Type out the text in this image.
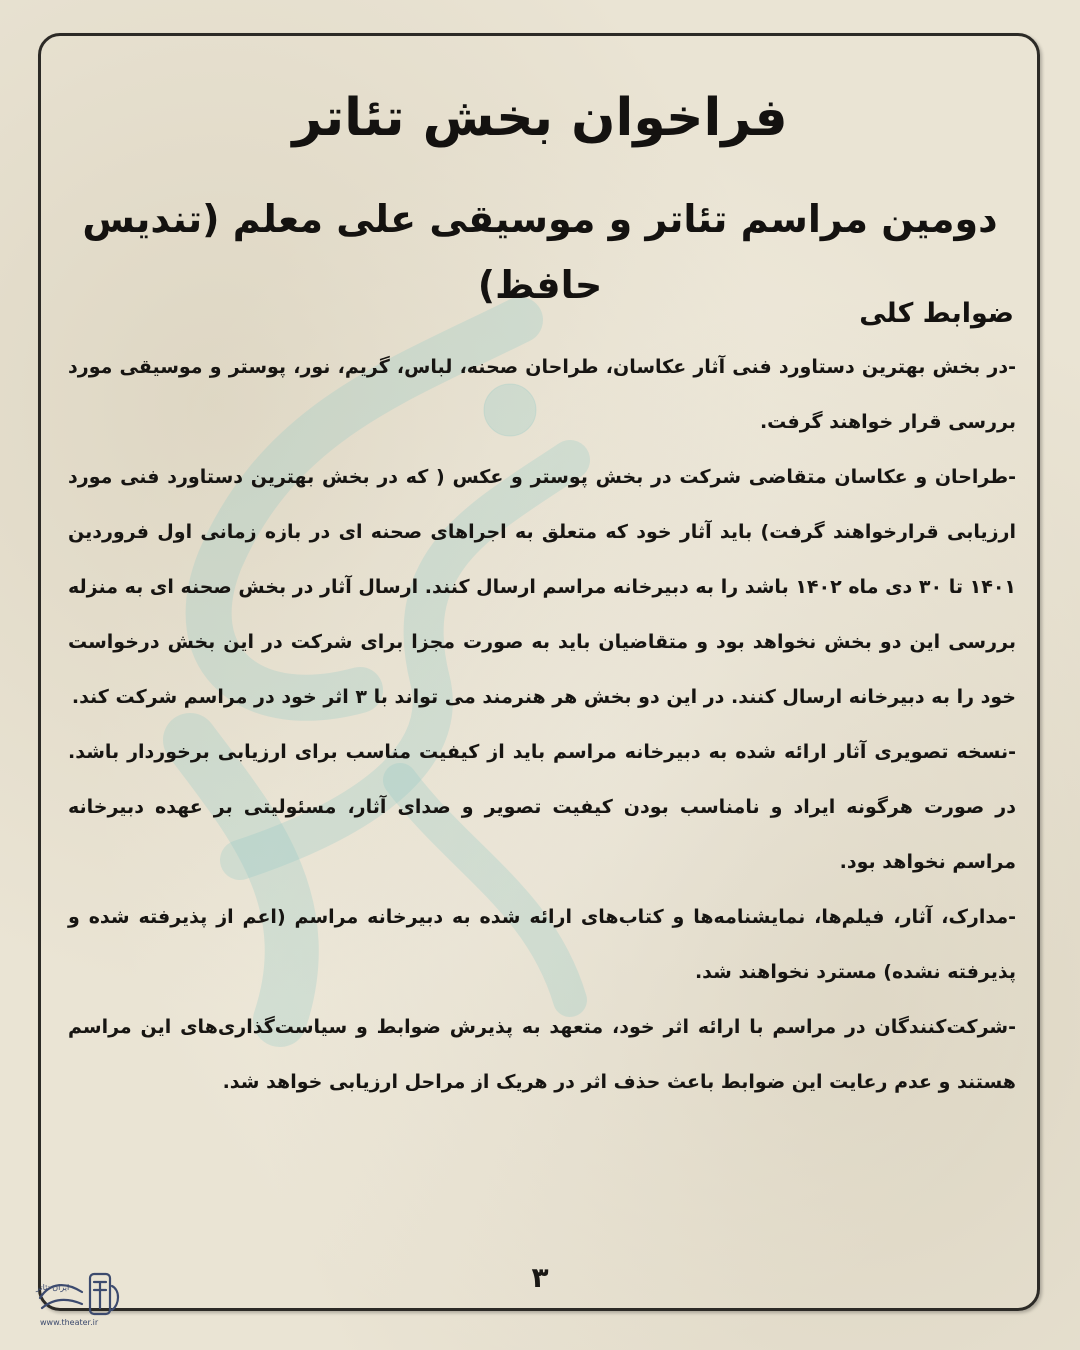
فراخوان بخش تئاتر
دومین مراسم تئاتر و موسیقی علی معلم (تندیس حافظ)
ضوابط کلی

-در بخش بهترین دستاورد فنی آثار عکاسان، طراحان صحنه، لباس، گریم، نور، پوستر و موسیقی مورد بررسی قرار خواهند گرفت.

-طراحان و عکاسان متقاضی شرکت در بخش پوستر و عکس ( که در بخش بهترین دستاورد فنی مورد ارزیابی قرارخواهند گرفت) باید آثار خود که متعلق به اجراهای صحنه ای در بازه زمانی اول فروردین ۱۴۰۱ تا ۳۰ دی ماه ۱۴۰۲ باشد را به دبیرخانه مراسم ارسال کنند. ارسال آثار در بخش صحنه ای به منزله بررسی این دو بخش نخواهد بود و متقاضیان باید به صورت مجزا برای شرکت در این بخش درخواست خود را به دبیرخانه ارسال کنند. در این دو بخش هر هنرمند می تواند با ۳ اثر خود در مراسم شرکت کند.

-نسخه تصویری آثار ارائه شده به دبیرخانه مراسم باید از کیفیت مناسب برای ارزیابی برخوردار باشد. در صورت هرگونه ایراد و نامناسب بودن کیفیت تصویر و صدای آثار، مسئولیتی بر عهده دبیرخانه مراسم نخواهد بود.

-مدارک، آثار، فیلم‌ها، نمایشنامه‌ها و کتاب‌های ارائه شده به دبیرخانه مراسم (اعم از پذیرفته شده و پذیرفته نشده) مسترد نخواهند شد.

-شرکت‌کنندگان در مراسم با ارائه اثر خود، متعهد به پذیرش ضوابط و سیاست‌گذاری‌های این مراسم هستند و عدم رعایت این ضوابط باعث حذف اثر در هریک از مراحل ارزیابی خواهد شد.

۳
ایران تئاتر
www.theater.ir
